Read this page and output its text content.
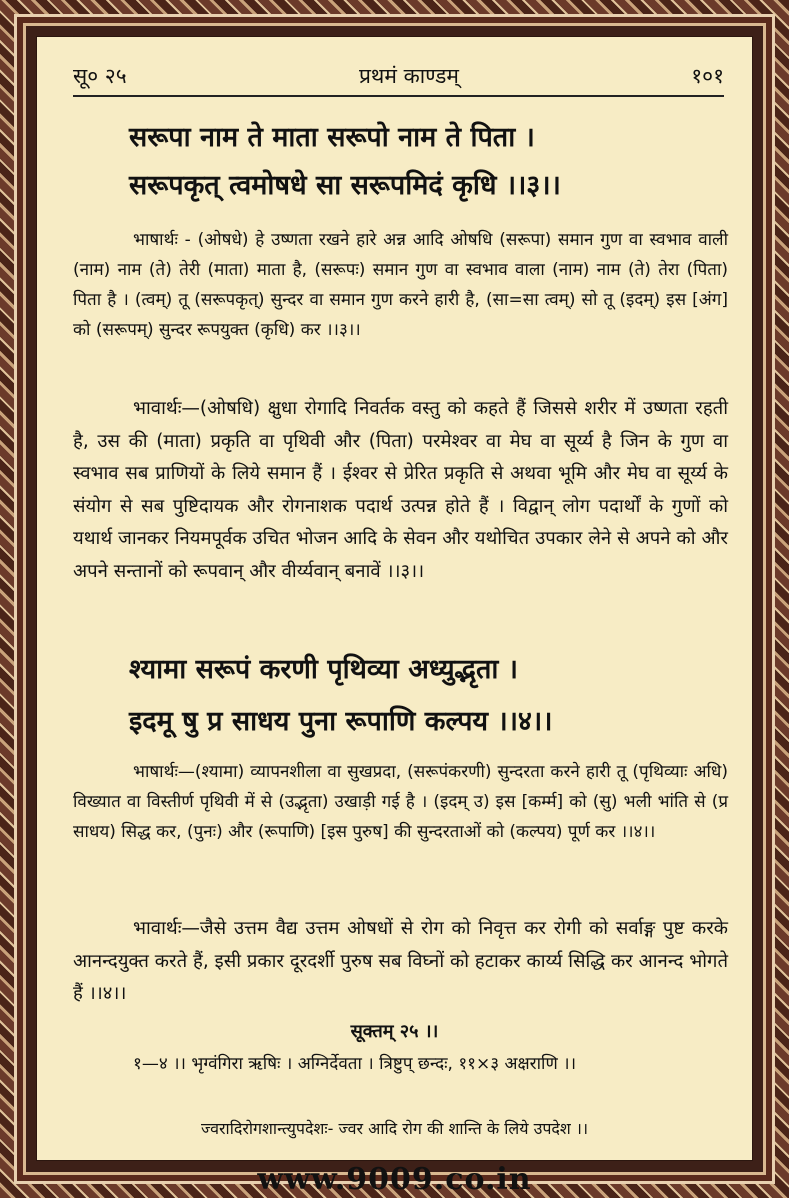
सू० २५	प्रथमं काण्डम्	१०१
सरूपा नाम ते माता सरूपो नाम ते पिता ।
सरूपकृत् त्वमोषधे सा सरूपमिदं कृधि ।।३।।
भाषार्थः - (ओषधे) हे उष्णता रखने हारे अन्न आदि ओषधि (सरूपा) समान गुण वा स्वभाव वाली (नाम) नाम (ते) तेरी (माता) माता है, (सरूपः) समान गुण वा स्वभाव वाला (नाम) नाम (ते) तेरा (पिता) पिता है । (त्वम्) तू (सरूपकृत्) सुन्दर वा समान गुण करने हारी है, (सा=सा त्वम्) सो तू (इदम्) इस [अंग] को (सरूपम्) सुन्दर रूपयुक्त (कृधि) कर ।।३।।
भावार्थः—(ओषधि) क्षुधा रोगादि निवर्तक वस्तु को कहते हैं जिससे शरीर में उष्णता रहती है, उस की (माता) प्रकृति वा पृथिवी और (पिता) परमेश्वर वा मेघ वा सूर्य्य है जिन के गुण वा स्वभाव सब प्राणियों के लिये समान हैं । ईश्वर से प्रेरित प्रकृति से अथवा भूमि और मेघ वा सूर्य्य के संयोग से सब पुष्टिदायक और रोगनाशक पदार्थ उत्पन्न होते हैं । विद्वान् लोग पदार्थों के गुणों को यथार्थ जानकर नियमपूर्वक उचित भोजन आदि के सेवन और यथोचित उपकार लेने से अपने को और अपने सन्तानों को रूपवान् और वीर्य्यवान् बनावें ।।३।।
श्यामा सरूपं करणी पृथिव्या अध्युद्भृता ।
इदमू षु प्र साधय पुना रूपाणि कल्पय ।।४।।
भाषार्थः—(श्यामा) व्यापनशीला वा सुखप्रदा, (सरूपंकरणी) सुन्दरता करने हारी तू (पृथिव्याः अधि) विख्यात वा विस्तीर्ण पृथिवी में से (उद्भृता) उखाड़ी गई है । (इदम् उ) इस [कर्म्म] को (सु) भली भांति से (प्र साधय) सिद्ध कर, (पुनः) और (रूपाणि) [इस पुरुष] की सुन्दरताओं को (कल्पय) पूर्ण कर ।।४।।
भावार्थः—जैसे उत्तम वैद्य उत्तम ओषधों से रोग को निवृत्त कर रोगी को सर्वाङ्ग पुष्ट करके आनन्दयुक्त करते हैं, इसी प्रकार दूरदर्शी पुरुष सब विघ्नों को हटाकर कार्य्य सिद्धि कर आनन्द भोगते हैं ।।४।।
सूक्तम् २५ ।।
१—४ ।। भृग्वंगिरा ऋषिः । अग्निर्देवता । त्रिष्टुप् छन्दः, ११×३ अक्षराणि ।।
ज्वरादिरोगशान्त्युपदेशः- ज्वर आदि रोग की शान्ति के लिये उपदेश ।।
www.9009.co.in
